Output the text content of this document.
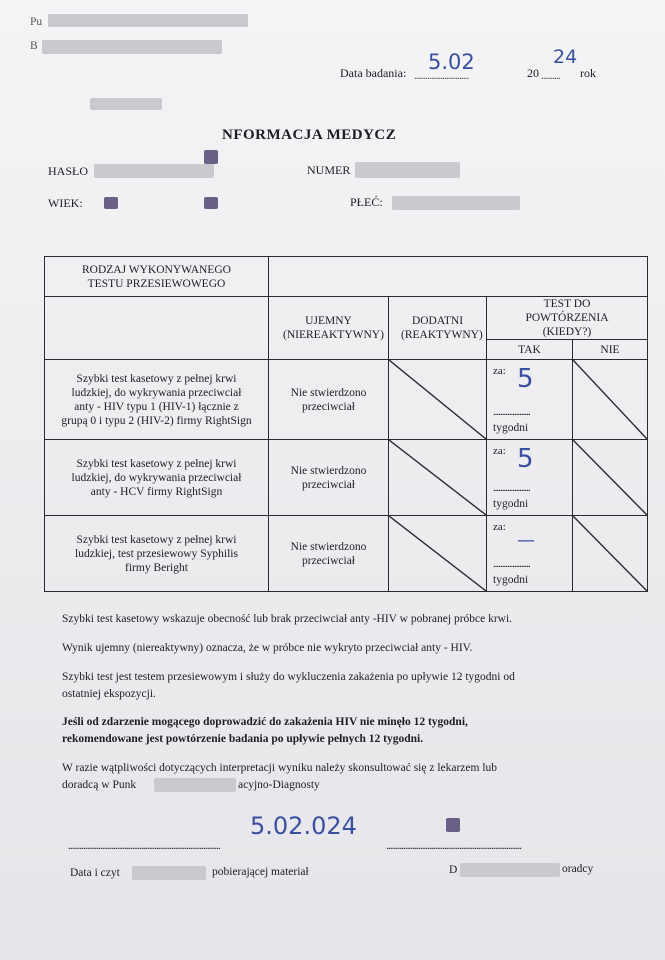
Pu
B
Data badania: .............................
5.02	20 ..........
24
rok
NFORMACJA MEDYCZ
HASŁO	NUMER
WIEK:	PŁEĆ:
RODZAJ WYKONYWANEGO TESTU PRZESIEWOWEGO				
	UJEMNY (NIEREAKTYWNY)	DODATNI (REAKTYWNY)	TEST DO POWTÓRZENIA (KIEDY?)	
			TAK	NIE
Szybki test kasetowy z pełnej krwi ludzkiej, do wykrywania przeciwciał anty - HIV typu 1 (HIV-1) łącznie z grupą 0 i typu 2 (HIV-2) firmy RightSign	Nie stwierdzono przeciwciał		za: 5
.....................
tygodni

Szybki test kasetowy z pełnej krwi ludzkiej, do wykrywania przeciwciał anty - HCV firmy RightSign	Nie stwierdzono przeciwciał		za: 5
.....................
tygodni

Szybki test kasetowy z pełnej krwi ludzkiej, test przesiewowy Syphilis firmy Beright	Nie stwierdzono przeciwciał		za:
—
.....................
tygodni

Szybki test kasetowy wskazuje obecność lub brak przeciwciał anty -HIV w pobranej próbce krwi.
Wynik ujemny (niereaktywny) oznacza, że w próbce nie wykryto przeciwciał anty - HIV.
Szybki test jest testem przesiewowym i służy do wykluczenia zakażenia po upływie 12 tygodni od
ostatniej ekspozycji.
Jeśli od zdarzenie mogącego doprowadzić do zakażenia HIV nie minęło 12 tygodni,
rekomendowane jest powtórzenie badania po upływie pełnych 12 tygodni.
W razie wątpliwości dotyczących interpretacji wyniku należy skonsultować się z lekarzem lub
doradcą w Punk	acyjno-Diagnosty
5.02.024
.................................................................................	........................................................................
Data i czyt	pobierającej materiał	D	oradcy
